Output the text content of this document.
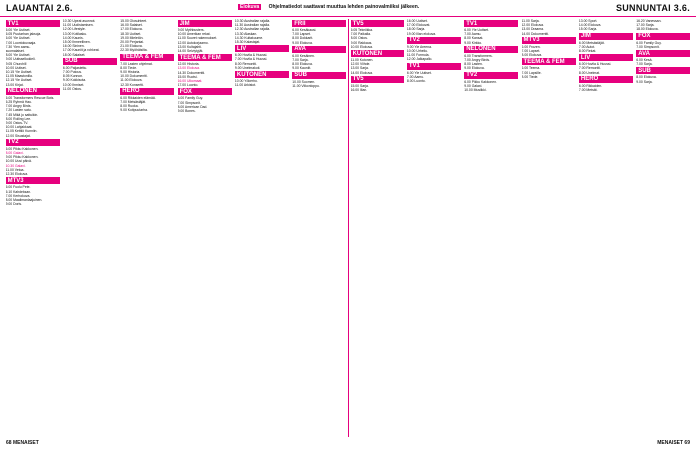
LAUANTAI 2.6.	Elokuva Ohjelmatiedot saattavat muuttua lehden painovalmiiksi jälkeen.	SUNNUNTAI 3.6.
TV1
6.00 Yle Uutiset.
6.05 Puutarhan jaksoja.
6.00 Yle Uutiset.
7.00 Luontokuvaaja.
7.30 Ylen aamu-
suomalaiset.
8.00 Yle Uutiset.
9.00 Uutisselkokieli.
9.05 Churchill
10.00 Uutiset.
10.15 Yle Uutiset.
11.05 Maastonilla.
12.15 Yle Uutiset.
13.00 Kirjat.
NELONEN
6.00 Transformers Rescue Bots.
6.25 Ryhmä Hau.
7.00 Angry Birds.
7.20 Lasten satu.
7.45 Mikä jo sattuikin.
8.00 Rolling Lee.
9.00 Ostos-TV.
10.00 Lahjakkaat.
11.05 Keittiö Kunniin.
12.00 Sisustajat.
TV2
6.00 Pikku Kakkonen.
8.00 Galaxi.
9.00 Pikku Kakkonen.
10.00 Uusi päivä.
10.30 Galaxi.
11.00 Vetoa.
12.30 Elokuva.
MTV3
6.00 Fuolu Pete.
6.10 Kahdeksan.
7.00 Kerhokuva.
8.00 Maailmanlaajuinen.
9.00 Doris.
10.30 Upeat asunnot.
11.00 Uudistamisen.
12.00 Lifestyle.
13.00 Kotilasku.
14.00 Kaunis.
15.00 Ihmeellinen.
16.00 Sininen.
17.00 Kauniit ja rohkeat.
18.00 Salaiset.
SUB
6.00 Paljastettu.
7.00 Putous.
8.05 Kunnon.
9.00 Kokkisota.
10.00 Ihmiset.
11.00 Ostos.
15.00 Olosuhteet.
16.00 Salaiset.
17.00 Elokuva.
18.30 Uutiset.
19.00 Mieletön.
20.00 Perjantai.
21.00 Elokuva.
22.30 Myöhäisilta.
TEEMA & FEM
7.00 Lasten ohjelmat.
8.00 Tiede.
9.00 Historia.
10.00 Dokumentti.
11.00 Elokuva.
12.30 Konsertti.
HERO
6.00 Rikkaiden elämää.
7.00 Metsästäjät.
8.00 Ruoka.
9.00 Kotipuutarha.
JIM
9.00 Mythbusters.
10.00 Amerikan rekat.
11.00 Suuret rakennukset.
12.00 Autokorjaamo.
13.00 Kultajahti.
14.00 Selviytyjät.
TEEMA & FEM
12.00 Historia.
13.00 Elokuva.
14.30 Dokumentti.
15.00 Ruotsi.
16.00 Ulkomaat.
17.00 Luonto.
FOX
6.00 Family Guy.
7.00 Simpsonit.
8.00 American Dad.
9.00 Bones.
10.30 Australian rajalla.
11.30 Australian rajalla.
12.30 Australian rajalla.
13.30 Alaskan.
14.30 Kultakuume.
15.30 Kalastajat.
LIV
6.00 Huvila & Huussi.
7.00 Huvila & Huussi.
8.00 Remontti.
9.00 Unelmakoti.
KUTONEN
10.00 Yökerho.
11.00 Arkistot.
FRII
6.00 Kesäkausi.
7.00 Lapset.
8.00 Dokkarit.
9.00 Elokuva.
AVA
6.00 Kesäinen.
7.00 Sarja.
8.00 Elokuva.
9.00 Kauniit.
SUB
10.00 Suomen.
11.00 Viikonloppu.
TV5
6.05 Tekniikka.
7.00 Paikalla.
8.00 Ostos.
9.00 Rakkaus.
10.00 Elokuva.
KUTONEN
11.00 Kutonen.
12.00 Viihde.
13.00 Sarja.
14.00 Elokuva.
TV5
15.00 Sarja.
16.00 Illan.
16.00 Uutiset.
17.00 Elokuvat.
18.00 Sarja.
19.00 Illan elokuva.
TV2
9.00 Yle Areena.
10.00 Urheilu.
11.00 Formula.
12.00 Jalkapallo.
TV1
6.00 Yle Uutiset.
7.00 Aamu.
8.00 Luonto.
TV1
6.00 Yle Uutiset.
7.00 Aamu.
8.00 Kansat.
9.00 Kirkko.
NELONEN
6.00 Transformers.
7.00 Angry Birds.
8.00 Lasten.
9.00 Elokuva.
TV2
6.00 Pikku Kakkonen.
9.00 Galaxi.
10.00 Musiikki.
11.00 Sarja.
12.00 Elokuva.
13.00 Draama.
14.00 Dokumentti.
MTV3
6.00 Frozen.
7.00 Lapset.
8.00 Elokuva.
TEEMA & FEM
6.00 Teema.
7.00 Lapsille.
8.00 Tiede.
13.00 Sport.
14.00 Elokuva.
15.00 Sarja.
JIM
6.00 Metsästäjät.
7.00 Autot.
8.00 Rekat.
LIV
6.00 Huvila & Huussi.
7.00 Remontti.
8.00 Unelmat.
HERO
6.00 Rikkaiden.
7.00 Metsät.
16.20 Vanessan.
17.00 Sarja.
18.00 Elokuva.
FOX
6.00 Family Guy.
7.00 Simpsonit.
AVA
6.00 Kesä.
7.00 Sarja.
SUB
8.00 Elokuva.
9.00 Sarja.
68 MENAISET	MENAISET 69
